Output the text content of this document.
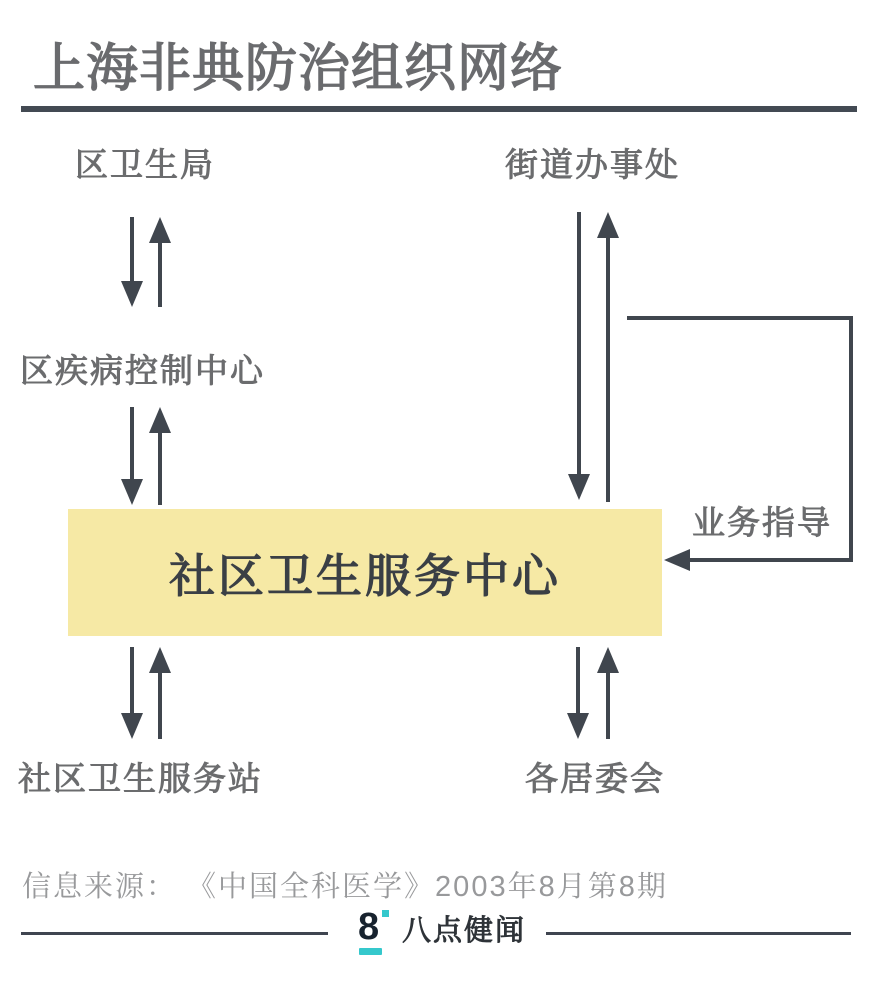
上海非典防治组织网络
区卫生局	街道办事处
区疾病控制中心
社区卫生服务站	各居委会
业务指导
社区卫生服务中心
信息来源： 《中国全科医学》2003年8月第8期
8 八点健闻
